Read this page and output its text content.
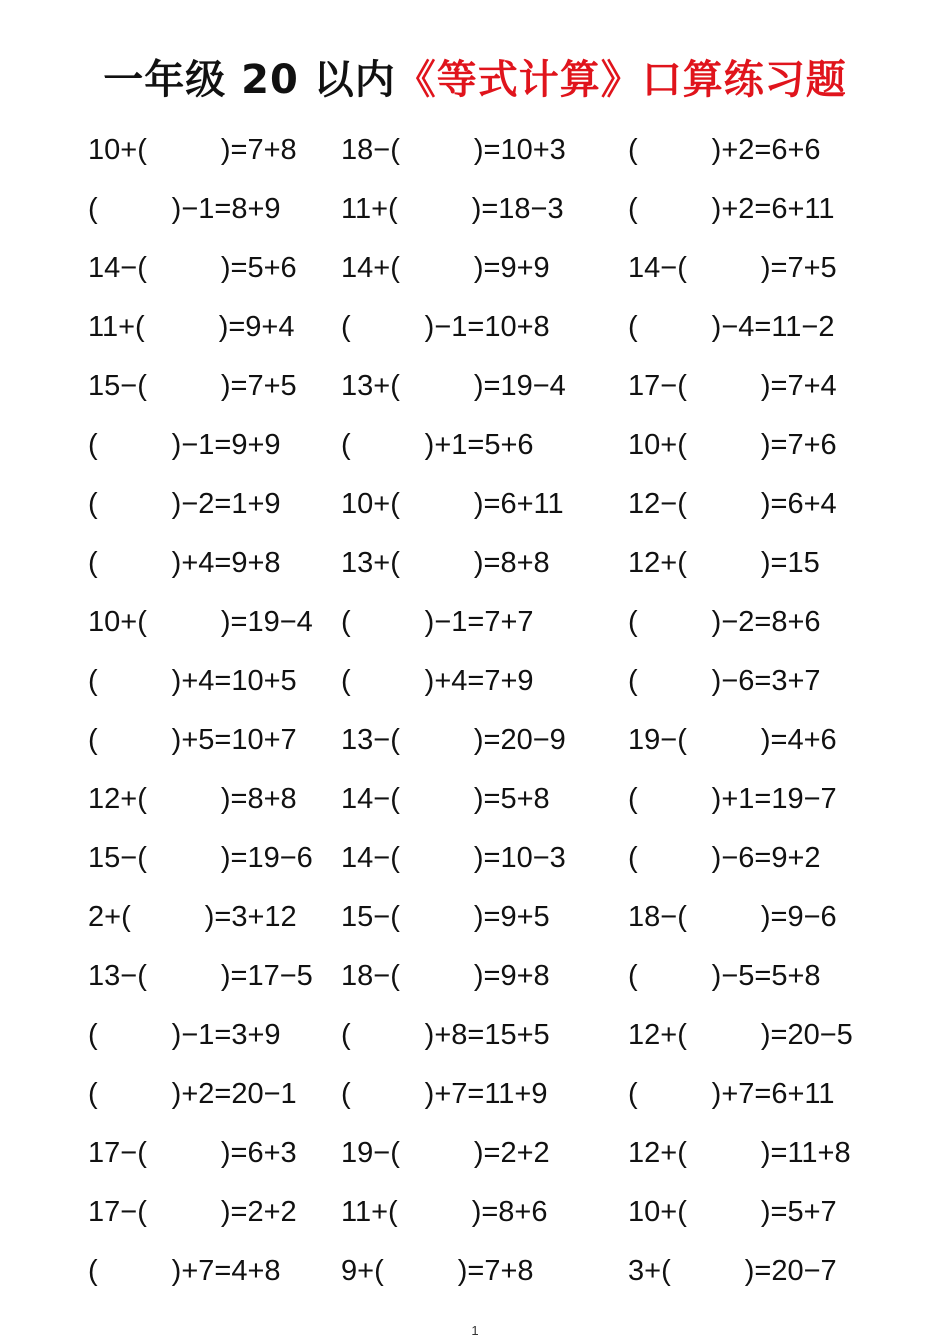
一年级 20 以内《等式计算》口算练习题
10+(	)=7+8 18−(	)=10+3 (	)+2=6+6
(	)−1=8+9 11+(	)=18−3 (	)+2=6+11
14−(	)=5+6 14+(	)=9+9	14−(	)=7+5
11+(	)=9+4 (	)−1=10+8	(	)−4=11−2
15−(	)=7+5 13+(	)=19−4 17−(	)=7+4
(	)−1=9+9 (	)+1=5+6	10+(	)=7+6
(	)−2=1+9 10+(	)=6+11 12−(	)=6+4
(	)+4=9+8 13+(	)=8+8	12+(	)=15
10+(	)=19−4 (	)−1=7+7	(	)−2=8+6
(	)+4=10+5 (	)+4=7+9	(	)−6=3+7
(	)+5=10+7 13−(	)=20−9 19−(	)=4+6
12+(	)=8+8 14−(	)=5+8	(	)+1=19−7
15−(	)=19−6 14−(	)=10−3 (	)−6=9+2
2+(	)=3+12 15−(	)=9+5	18−(	)=9−6
13−(	)=17−5 18−(	)=9+8	(	)−5=5+8
(	)−1=3+9 (	)+8=15+5	12+(	)=20−5
(	)+2=20−1 (	)+7=11+9	(	)+7=6+11
17−(	)=6+3 19−(	)=2+2	12+(	)=11+8
17−(	)=2+2 11+(	)=8+6	10+(	)=5+7
(	)+7=4+8 9+(	)=7+8	3+(	)=20−7
1
